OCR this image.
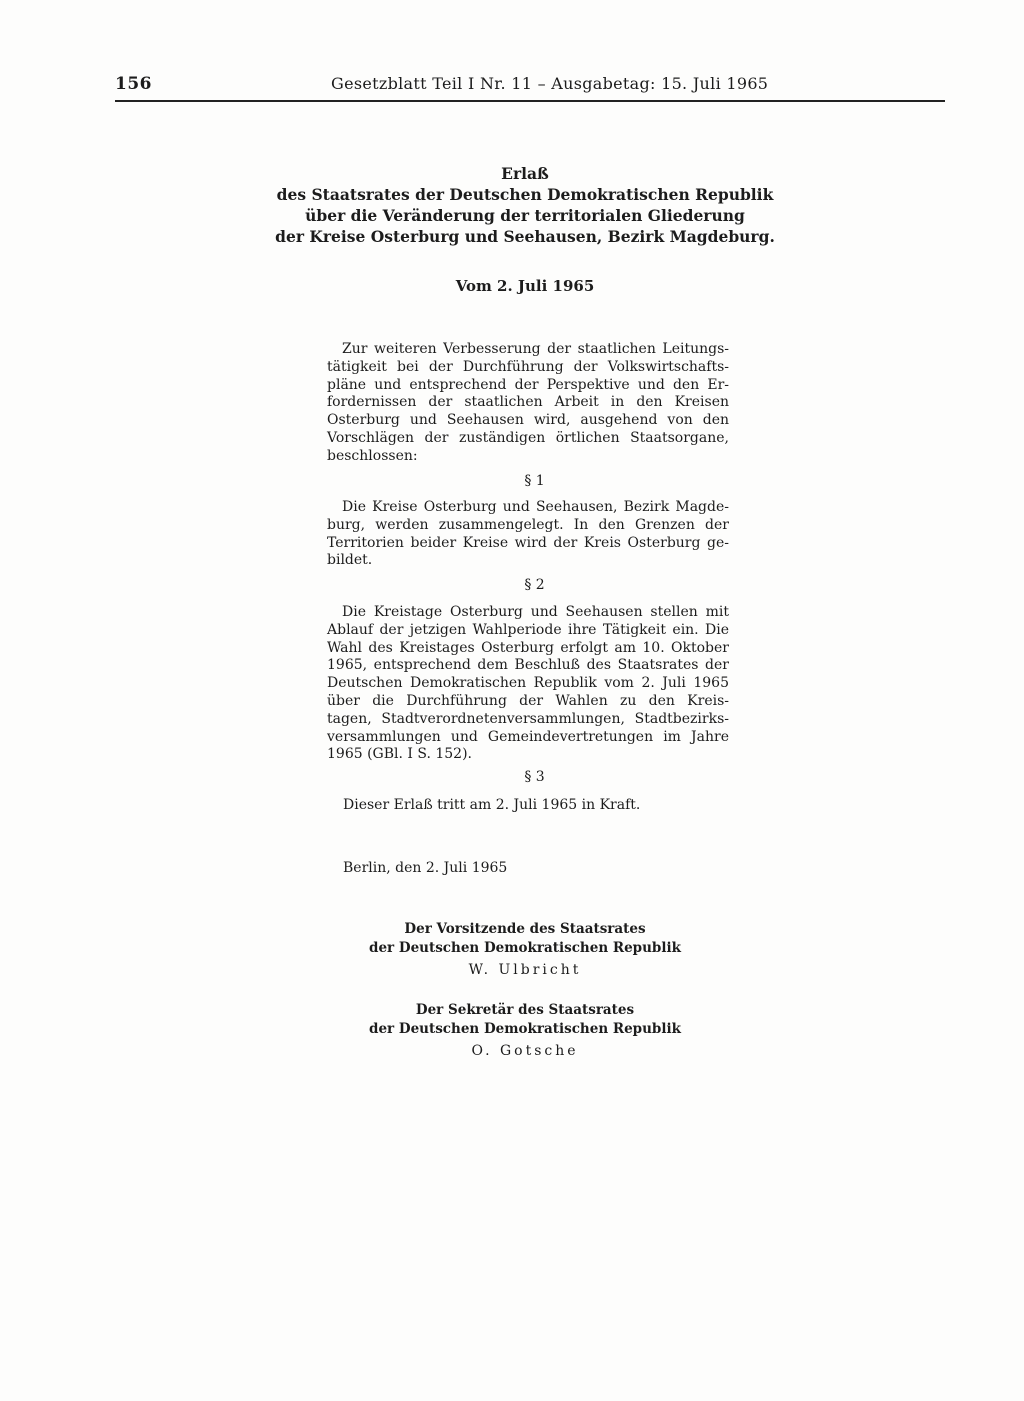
156	Gesetzblatt Teil I Nr. 11 – Ausgabetag: 15. Juli 1965
Erlaß
des Staatsrates der Deutschen Demokratischen Republik
über die Veränderung der territorialen Gliederung
der Kreise Osterburg und Seehausen, Bezirk Magdeburg.
Vom 2. Juli 1965
Zur weiteren Verbesserung der staatlichen Leitungs-
tätigkeit bei der Durchführung der Volkswirtschafts-
pläne und entsprechend der Perspektive und den Er-
fordernissen der staatlichen Arbeit in den Kreisen
Osterburg und Seehausen wird, ausgehend von den
Vorschlägen der zuständigen örtlichen Staatsorgane,
beschlossen:
§ 1
Die Kreise Osterburg und Seehausen, Bezirk Magde-
burg, werden zusammengelegt. In den Grenzen der
Territorien beider Kreise wird der Kreis Osterburg ge-
bildet.
§ 2
Die Kreistage Osterburg und Seehausen stellen mit
Ablauf der jetzigen Wahlperiode ihre Tätigkeit ein. Die
Wahl des Kreistages Osterburg erfolgt am 10. Oktober
1965, entsprechend dem Beschluß des Staatsrates der
Deutschen Demokratischen Republik vom 2. Juli 1965
über die Durchführung der Wahlen zu den Kreis-
tagen, Stadtverordnetenversammlungen, Stadtbezirks-
versammlungen und Gemeindevertretungen im Jahre
1965 (GBl. I S. 152).
§ 3
Dieser Erlaß tritt am 2. Juli 1965 in Kraft.
Berlin, den 2. Juli 1965
Der Vorsitzende des Staatsrates
der Deutschen Demokratischen Republik
W. Ulbricht
Der Sekretär des Staatsrates
der Deutschen Demokratischen Republik
O. Gotsche
